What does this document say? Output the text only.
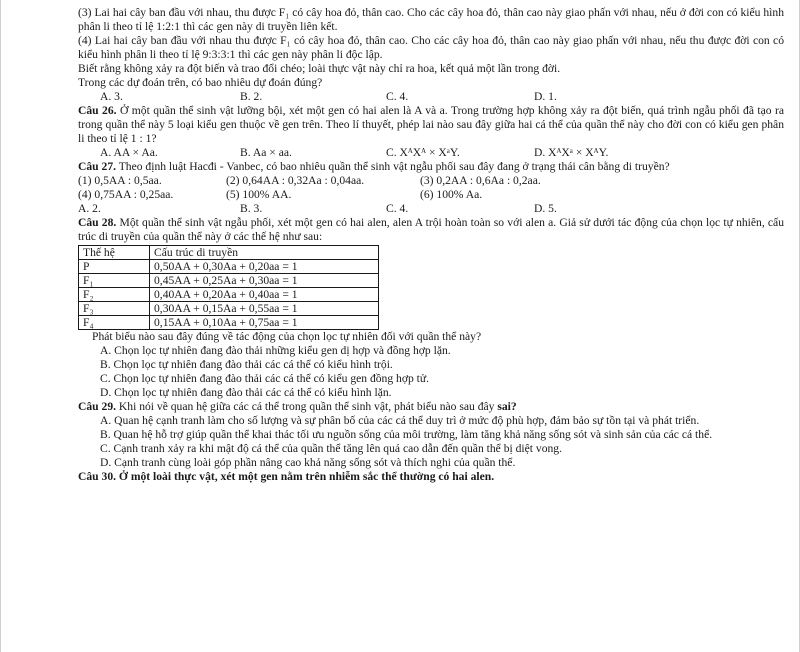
(3) Lai hai cây ban đầu với nhau, thu được F₁ có cây hoa đỏ, thân cao. Cho các cây hoa đỏ, thân cao này giao phấn với nhau, nếu ở đời con có kiểu hình phân li theo tỉ lệ 1:2:1 thì các gen này di truyền liên kết.

(4) Lai hai cây ban đầu với nhau thu được F₁ có cây hoa đỏ, thân cao. Cho các cây hoa đỏ, thân cao này giao phấn với nhau, nếu thu được đời con có kiểu hình phân li theo tỉ lệ 9:3:3:1 thì các gen này phân li độc lập.

Biết rằng không xảy ra đột biến và trao đổi chéo; loài thực vật này chỉ ra hoa, kết quả một lần trong đời.

Trong các dự đoán trên, có bao nhiêu dự đoán đúng?

A. 3.	B. 2.	C. 4.	D. 1.

Câu 26. Ở một quần thể sinh vật lưỡng bội, xét một gen có hai alen là A và a. Trong trường hợp không xảy ra đột biến, quá trình ngẫu phối đã tạo ra trong quần thể này 5 loại kiểu gen thuộc về gen trên. Theo lí thuyết, phép lai nào sau đây giữa hai cá thể của quần thể này cho đời con có kiểu gen phân li theo tỉ lệ 1 : 1?

A. AA × Aa.	B. Aa × aa.	C. XᴬXᴬ × XᵃY.	D. XᴬXᵃ × XᴬY.

Câu 27. Theo định luật Hacđi - Vanbec, có bao nhiêu quần thể sinh vật ngẫu phối sau đây đang ở trạng thái cân bằng di truyền?

(1) 0,5AA : 0,5aa.	(2) 0,64AA : 0,32Aa : 0,04aa.	(3) 0,2AA : 0,6Aa : 0,2aa.
(4) 0,75AA : 0,25aa.	(5) 100% AA.	(6) 100% Aa.
A. 2.	B. 3.	C. 4.	D. 5.

Câu 28. Một quần thể sinh vật ngẫu phối, xét một gen có hai alen, alen A trội hoàn toàn so với alen a. Giả sử dưới tác động của chọn lọc tự nhiên, cấu trúc di truyền của quần thể này ở các thế hệ như sau:

Thế hệ	Cấu trúc di truyền
P	0,50AA + 0,30Aa + 0,20aa = 1
F₁	0,45AA + 0,25Aa + 0,30aa = 1
F₂	0,40AA + 0,20Aa + 0,40aa = 1
F₃	0,30AA + 0,15Aa + 0,55aa = 1
F₄	0,15AA + 0,10Aa + 0,75aa = 1

Phát biểu nào sau đây đúng về tác động của chọn lọc tự nhiên đối với quần thể này?

A. Chọn lọc tự nhiên đang đào thải những kiểu gen dị hợp và đồng hợp lặn.

B. Chọn lọc tự nhiên đang đào thải các cá thể có kiểu hình trội.

C. Chọn lọc tự nhiên đang đào thải các cá thể có kiểu gen đồng hợp tử.

D. Chọn lọc tự nhiên đang đào thải các cá thể có kiểu hình lặn.

Câu 29. Khi nói về quan hệ giữa các cá thể trong quần thể sinh vật, phát biểu nào sau đây sai?

A. Quan hệ cạnh tranh làm cho số lượng và sự phân bố của các cá thể duy trì ở mức độ phù hợp, đảm bảo sự tồn tại và phát triển.

B. Quan hệ hỗ trợ giúp quần thể khai thác tối ưu nguồn sống của môi trường, làm tăng khả năng sống sót và sinh sản của các cá thể.

C. Cạnh tranh xảy ra khi mật độ cá thể của quần thể tăng lên quá cao dẫn đến quần thể bị diệt vong.

D. Cạnh tranh cùng loài góp phần nâng cao khả năng sống sót và thích nghi của quần thể.

Câu 30. Ở một loài thực vật, xét một gen nằm trên nhiễm sắc thể thường có hai alen.
